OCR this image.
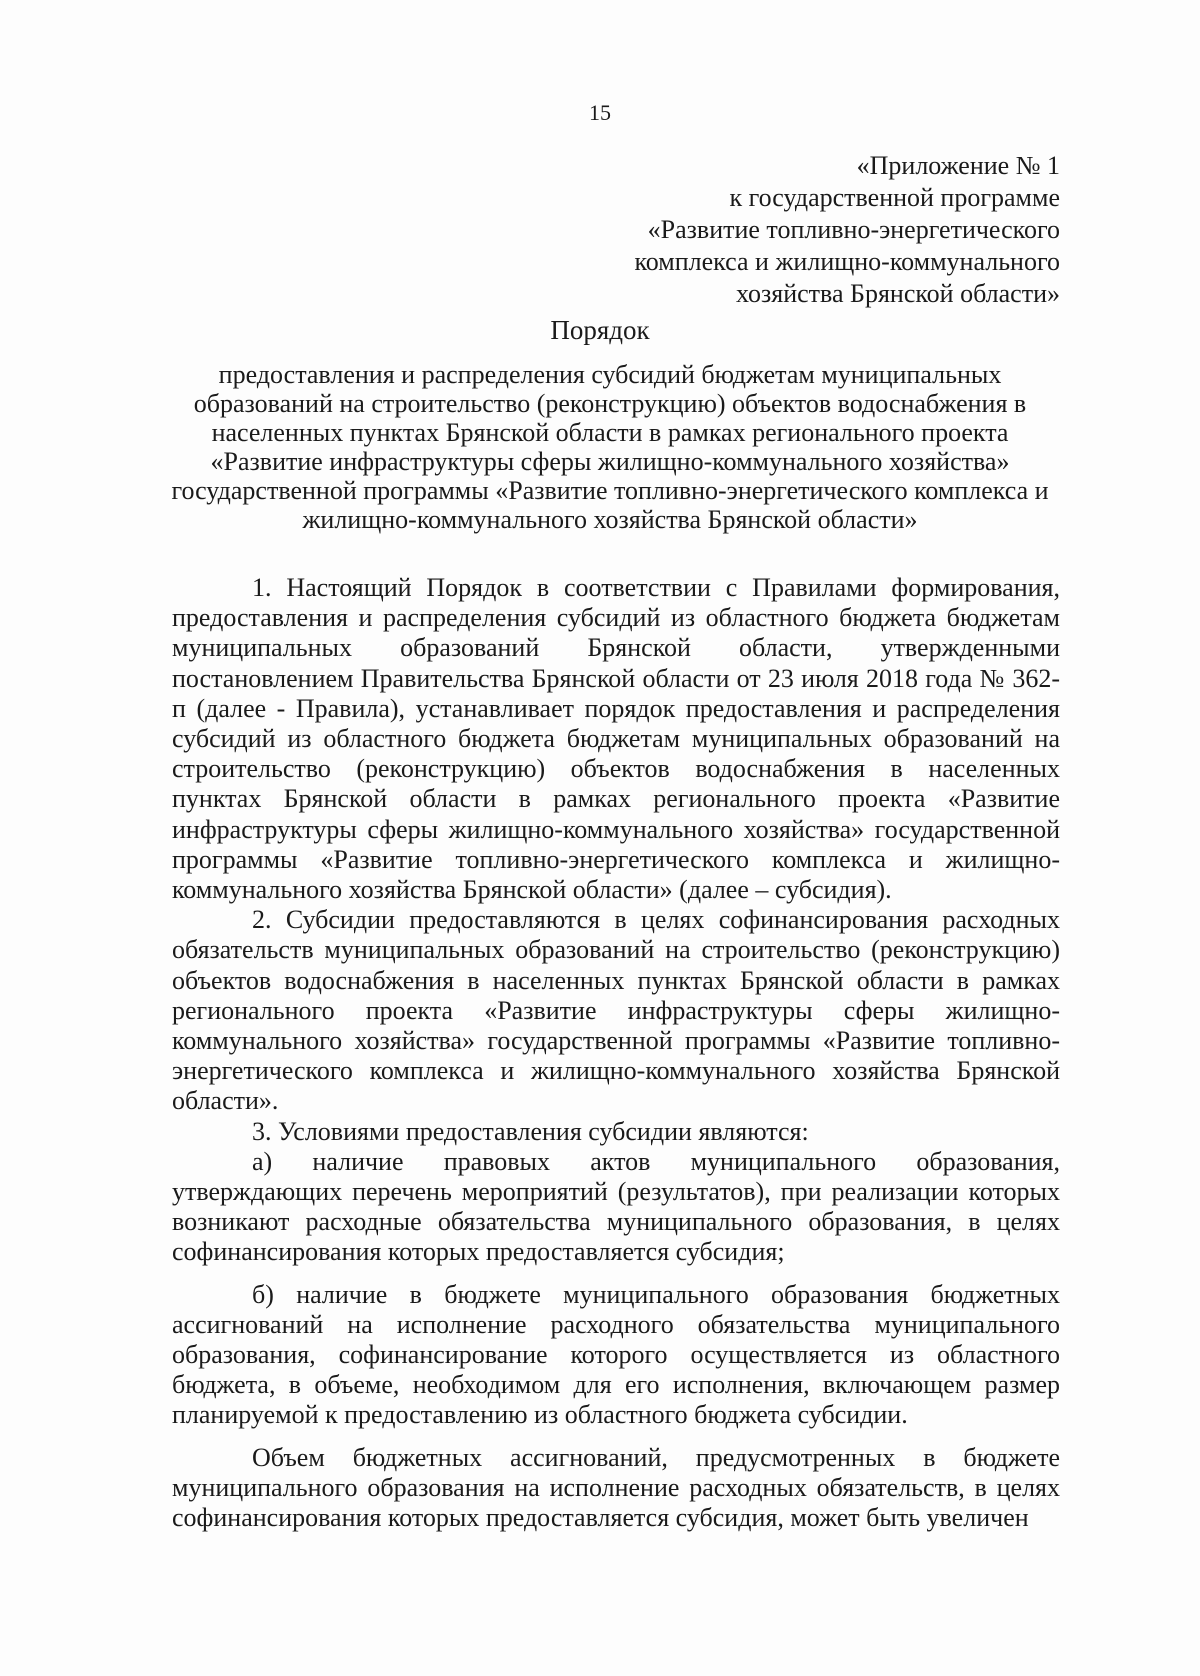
15
«Приложение № 1
к государственной программе
«Развитие топливно-энергетического
комплекса и жилищно-коммунального
хозяйства Брянской области»
Порядок
предоставления и распределения субсидий бюджетам муниципальных образований на строительство (реконструкцию) объектов водоснабжения в населенных пунктах Брянской области в рамках регионального проекта «Развитие инфраструктуры сферы жилищно-коммунального хозяйства» государственной программы «Развитие топливно-энергетического комплекса и жилищно-коммунального хозяйства Брянской области»

1. Настоящий Порядок в соответствии с Правилами формирования, предоставления и распределения субсидий из областного бюджета бюджетам муниципальных образований Брянской области, утвержденными постановлением Правительства Брянской области от 23 июля 2018 года № 362-п (далее - Правила), устанавливает порядок предоставления и распределения субсидий из областного бюджета бюджетам муниципальных образований на строительство (реконструкцию) объектов водоснабжения в населенных пунктах Брянской области в рамках регионального проекта «Развитие инфраструктуры сферы жилищно-коммунального хозяйства» государственной программы «Развитие топливно-энергетического комплекса и жилищно-коммунального хозяйства Брянской области» (далее – субсидия).

2. Субсидии предоставляются в целях софинансирования расходных обязательств муниципальных образований на строительство (реконструкцию) объектов водоснабжения в населенных пунктах Брянской области в рамках регионального проекта «Развитие инфраструктуры сферы жилищно-коммунального хозяйства» государственной программы «Развитие топливно-энергетического комплекса и жилищно-коммунального хозяйства Брянской области».

3. Условиями предоставления субсидии являются:

а) наличие правовых актов муниципального образования, утверждающих перечень мероприятий (результатов), при реализации которых возникают расходные обязательства муниципального образования, в целях софинансирования которых предоставляется субсидия;

б) наличие в бюджете муниципального образования бюджетных ассигнований на исполнение расходного обязательства муниципального образования, софинансирование которого осуществляется из областного бюджета, в объеме, необходимом для его исполнения, включающем размер планируемой к предоставлению из областного бюджета субсидии.

Объем бюджетных ассигнований, предусмотренных в бюджете муниципального образования на исполнение расходных обязательств, в целях софинансирования которых предоставляется субсидия, может быть увеличен
